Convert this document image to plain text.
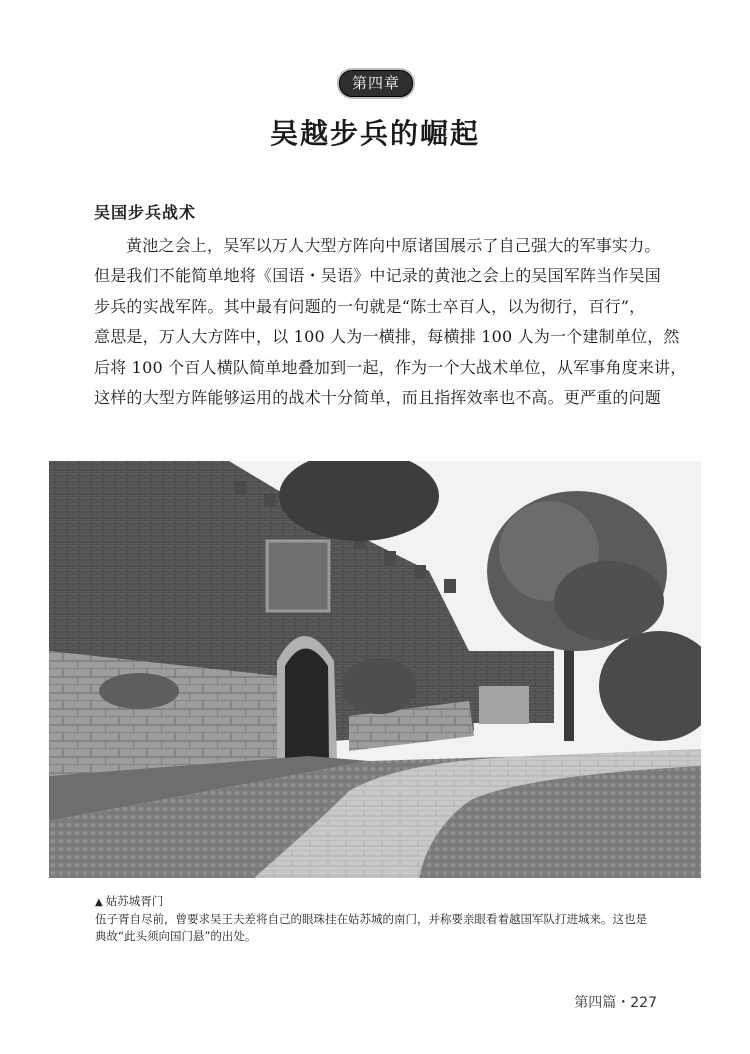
第四章
吴越步兵的崛起
吴国步兵战术
黄池之会上，吴军以万人大型方阵向中原诸国展示了自己强大的军事实力。
但是我们不能简单地将《国语・吴语》中记录的黄池之会上的吴国军阵当作吴国
步兵的实战军阵。其中最有问题的一句就是“陈士卒百人，以为彻行，百行”，
意思是，万人大方阵中，以 100 人为一横排，每横排 100 人为一个建制单位，然
后将 100 个百人横队简单地叠加到一起，作为一个大战术单位，从军事角度来讲，
这样的大型方阵能够运用的战术十分简单，而且指挥效率也不高。更严重的问题
▲ 姑苏城胥门
伍子胥自尽前，曾要求吴王夫差将自己的眼珠挂在姑苏城的南门，并称要亲眼看着越国军队打进城来。这也是
典故“此头须向国门悬”的出处。
第四篇・227
